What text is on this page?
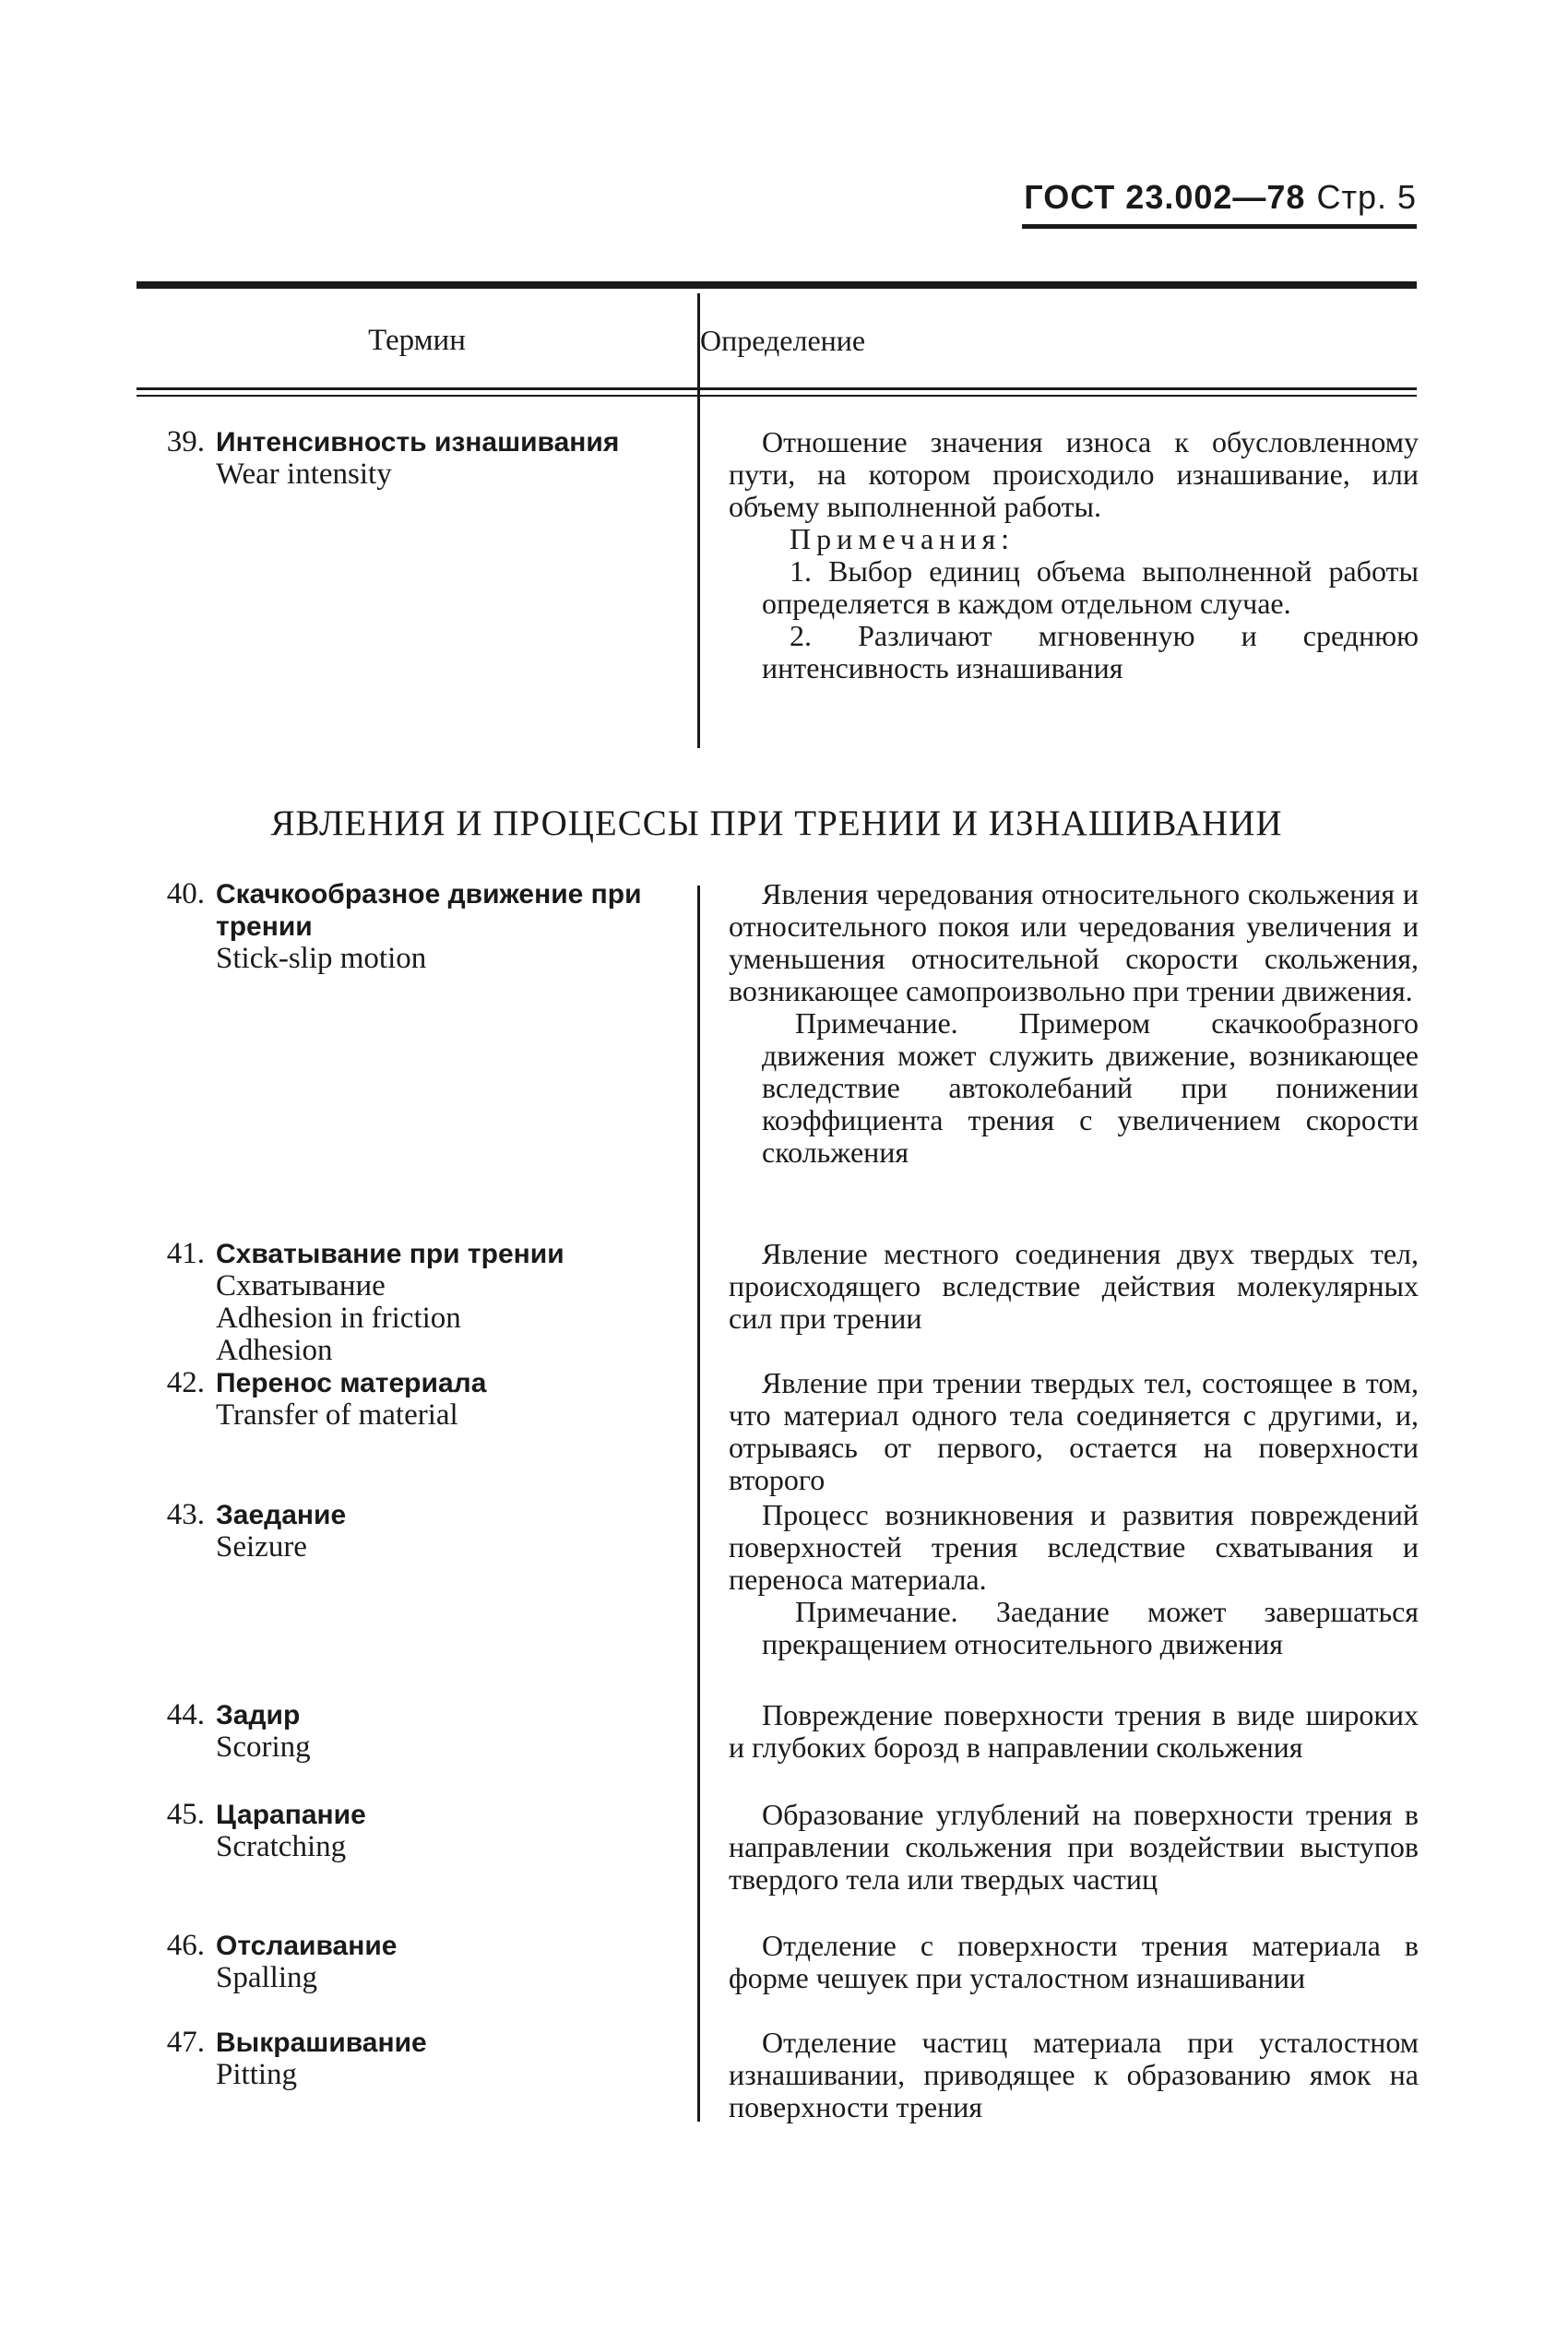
ГОСТ 23.002—78 Стр. 5
Термин	Определение
39. Интенсивность изнашивания
Wear intensity

Отношение значения износа к обусловленному пути, на котором происходило изнашивание, или объему выполненной работы.

Примечания:

1. Выбор единиц объема выполненной работы определяется в каждом отдельном случае.

2. Различают мгновенную и среднюю интенсивность изнашивания

ЯВЛЕНИЯ И ПРОЦЕССЫ ПРИ ТРЕНИИ И ИЗНАШИВАНИИ
40. Скачкообразное движение при
трении
Stick-slip motion

Явления чередования относительного скольжения и относительного покоя или чередования увеличения и уменьшения относительной скорости скольжения, возникающее самопроизвольно при трении движения.

Примечание. Примером скачкообразного движения может служить движение, возникающее вследствие автоколебаний при понижении коэффициента трения с увеличением скорости скольжения

41. Схватывание при трении
Схватывание
Adhesion in friction
Adhesion

Явление местного соединения двух твердых тел, происходящего вследствие действия молекулярных сил при трении

42. Перенос материала
Transfer of material

Явление при трении твердых тел, состоящее в том, что материал одного тела соединяется с другими, и, отрываясь от первого, остается на поверхности второго

43. Заедание
Seizure

Процесс возникновения и развития повреждений поверхностей трения вследствие схватывания и переноса материала.

Примечание. Заедание может завершаться прекращением относительного движения

44. Задир
Scoring

Повреждение поверхности трения в виде широких и глубоких борозд в направлении скольжения

45. Царапание
Scratching

Образование углублений на поверхности трения в направлении скольжения при воздействии выступов твердого тела или твердых частиц

46. Отслаивание
Spalling

Отделение с поверхности трения материала в форме чешуек при усталостном изнашивании

47. Выкрашивание
Pitting

Отделение частиц материала при усталостном изнашивании, приводящее к образованию ямок на поверхности трения
